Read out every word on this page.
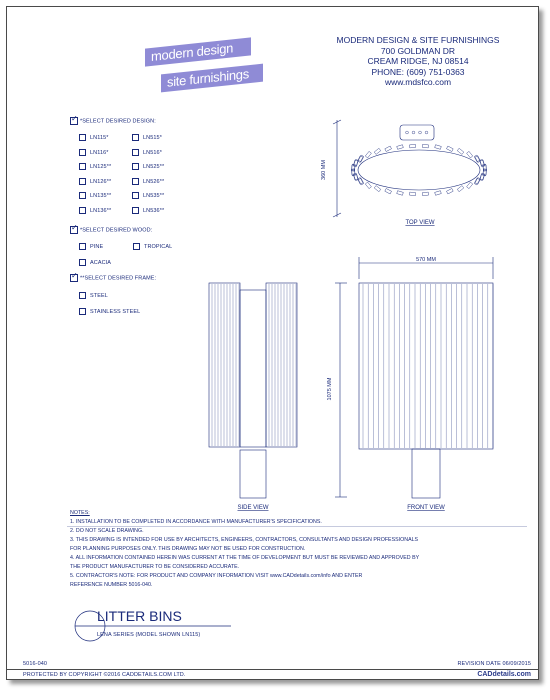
modern design
site furnishings
MODERN DESIGN & SITE FURNISHINGS
700 GOLDMAN DR
CREAM RIDGE, NJ 08514
PHONE: (609) 751-0363
www.mdsfco.com
✓*SELECT DESIRED DESIGN:
LN115*	LN515*
LN116*	LN516*
LN125**	LN525**
LN126**	LN526**
LN135**	LN535**
LN136**	LN536**
✓*SELECT DESIRED WOOD:
PINE	TROPICAL
ACACIA
✓**SELECT DESIRED FRAME:
STEEL
STAINLESS STEEL
TOP VIEW
360 MM
570 MM
1075 MM
SIDE VIEW	FRONT VIEW
NOTES:
1. INSTALLATION TO BE COMPLETED IN ACCORDANCE WITH MANUFACTURER'S SPECIFICATIONS.
2. DO NOT SCALE DRAWING.
3. THIS DRAWING IS INTENDED FOR USE BY ARCHITECTS, ENGINEERS, CONTRACTORS, CONSULTANTS AND DESIGN PROFESSIONALS
FOR PLANNING PURPOSES ONLY. THIS DRAWING MAY NOT BE USED FOR CONSTRUCTION.
4. ALL INFORMATION CONTAINED HEREIN WAS CURRENT AT THE TIME OF DEVELOPMENT BUT MUST BE REVIEWED AND APPROVED BY
THE PRODUCT MANUFACTURER TO BE CONSIDERED ACCURATE.
5. CONTRACTOR'S NOTE: FOR PRODUCT AND COMPANY INFORMATION VISIT www.CADdetails.com/info AND ENTER
REFERENCE NUMBER 5016-040.
LITTER BINS
LENA SERIES (MODEL SHOWN LN115)
5016-040	REVISION DATE 06/09/2015
PROTECTED BY COPYRIGHT ©2016 CADDETAILS.COM LTD.	CADdetails.com
